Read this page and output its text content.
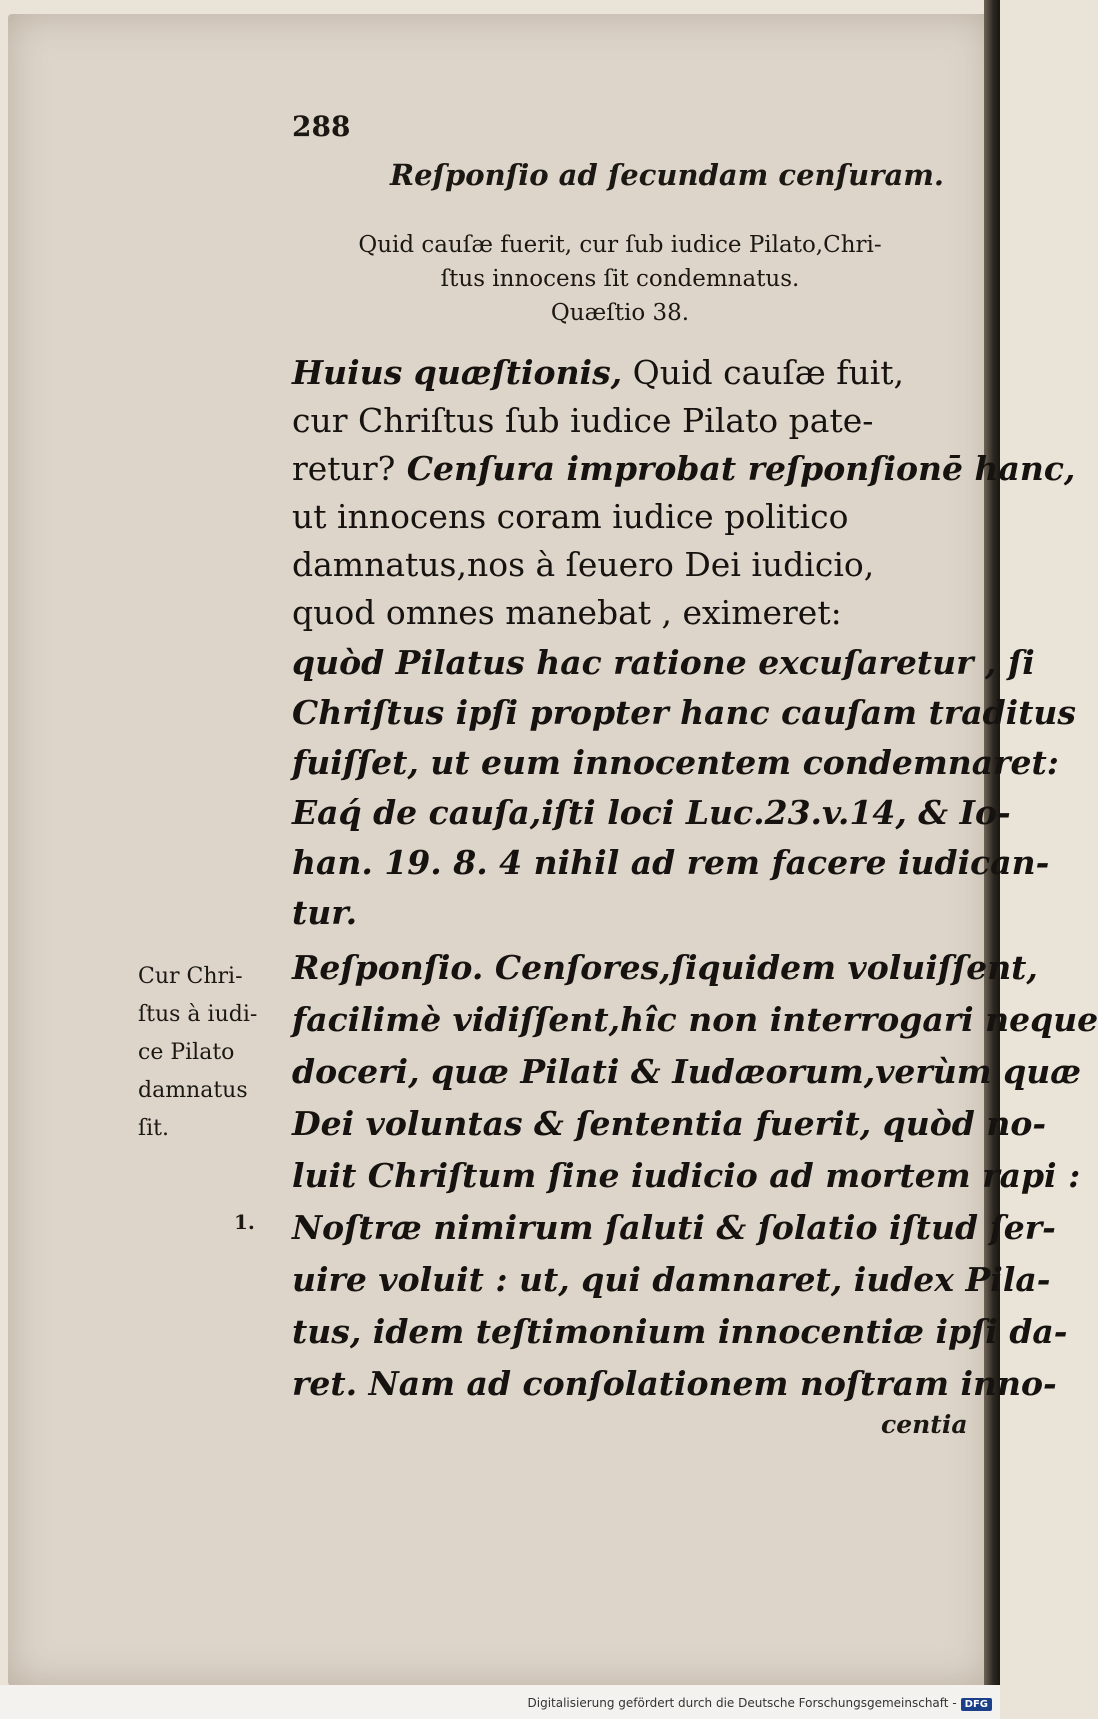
288
Reſponſio ad ſecundam cenſuram.
Quid cauſæ fuerit, cur ſub iudice Pilato,Chri-
ſtus innocens ſit condemnatus.
Quæſtio 38.
Huius quæſtionis, Quid cauſæ fuit,
cur Chriſtus ſub iudice Pilato pate-
retur? Cenſura improbat reſponſionē hanc,
ut innocens coram iudice politico
damnatus,nos à ſeuero Dei iudicio,
quod omnes manebat , eximeret:
quòd Pilatus hac ratione excuſaretur , ſi
Chriſtus ipſi propter hanc cauſam traditus
fuiſſet, ut eum innocentem condemnaret:
Eaq́ de cauſa,iſti loci Luc.23.v.14, & Io-
han. 19. 8. 4 nihil ad rem facere iudican-
tur.
Reſponſio. Cenſores,ſiquidem voluiſſent,
facilimè vidiſſent,hîc non interrogari neque
doceri, quæ Pilati & Iudæorum,verùm quæ
Dei voluntas & ſententia fuerit, quòd no-
luit Chriſtum ſine iudicio ad mortem rapi :
Noſtræ nimirum ſaluti & ſolatio iſtud ſer-
uire voluit : ut, qui damnaret, iudex Pila-
tus, idem teſtimonium innocentiæ ipſi da-
ret. Nam ad conſolationem noſtram inno-
centia
Cur Chri-
ſtus à iudi-
ce Pilato
damnatus
ſit.
1.
Digitalisierung gefördert durch die Deutsche Forschungsgemeinschaft - DFG
